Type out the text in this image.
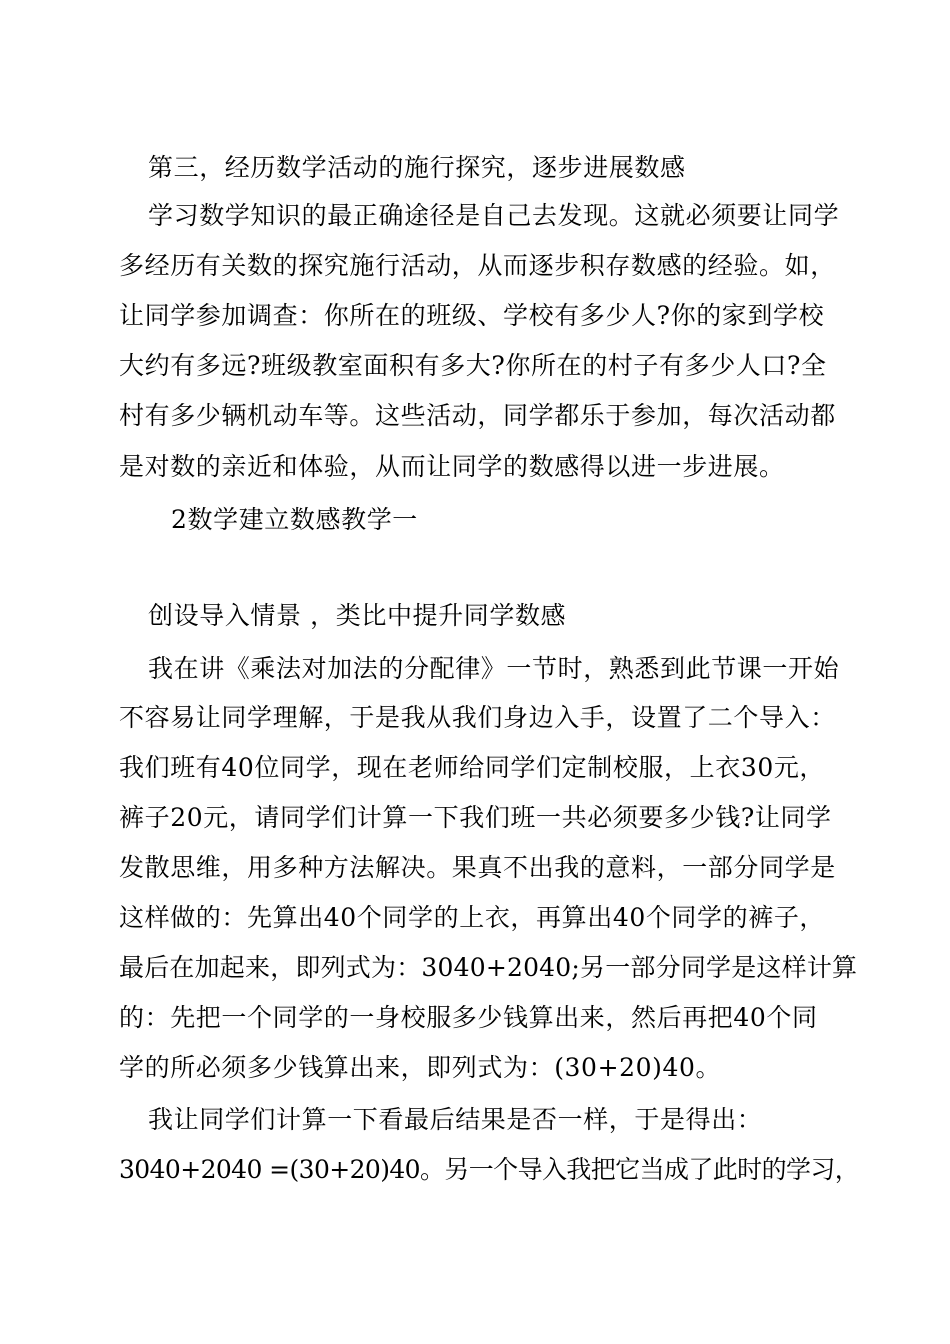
第三，经历数学活动的施行探究，逐步进展数感
学习数学知识的最正确途径是自己去发现。这就必须要让同学
多经历有关数的探究施行活动，从而逐步积存数感的经验。如，
让同学参加调查：你所在的班级、学校有多少人?你的家到学校
大约有多远?班级教室面积有多大?你所在的村子有多少人口?全
村有多少辆机动车等。这些活动，同学都乐于参加，每次活动都
是对数的亲近和体验，从而让同学的数感得以进一步进展。
2数学建立数感教学一
创设导入情景 ，类比中提升同学数感
我在讲《乘法对加法的分配律》一节时，熟悉到此节课一开始
不容易让同学理解，于是我从我们身边入手，设置了二个导入：
我们班有40位同学，现在老师给同学们定制校服，上衣30元，
裤子20元，请同学们计算一下我们班一共必须要多少钱?让同学
发散思维，用多种方法解决。果真不出我的意料，一部分同学是
这样做的：先算出40个同学的上衣，再算出40个同学的裤子，
最后在加起来，即列式为：3040+2040;另一部分同学是这样计算
的：先把一个同学的一身校服多少钱算出来，然后再把40个同
学的所必须多少钱算出来，即列式为：(30+20)40。
我让同学们计算一下看最后结果是否一样，于是得出：
3040+2040 =(30+20)40。另一个导入我把它当成了此时的学习，
